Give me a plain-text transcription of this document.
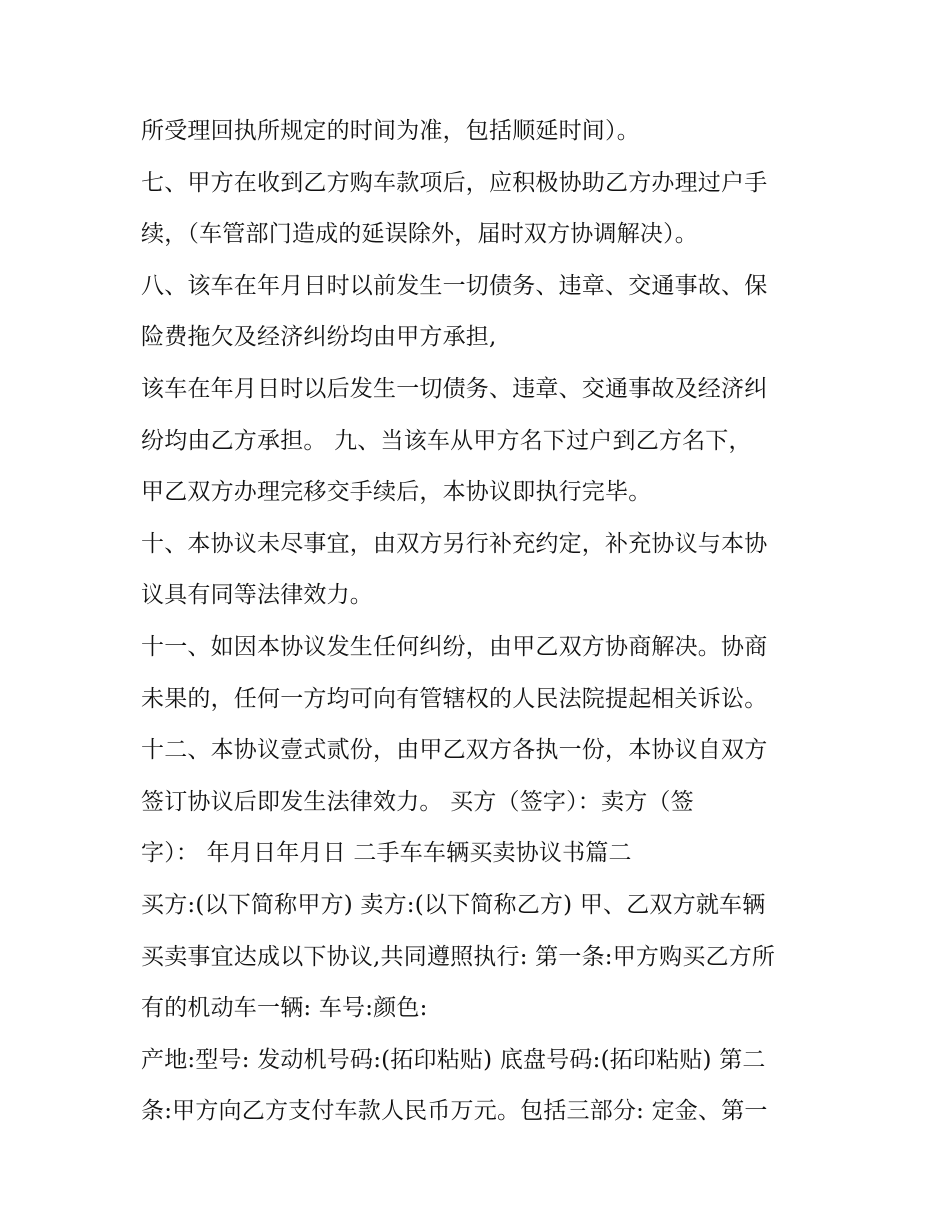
所受理回执所规定的时间为准，包括顺延时间）。
七、甲方在收到乙方购车款项后，应积极协助乙方办理过户手
续，（车管部门造成的延误除外，届时双方协调解决）。
八、该车在年月日时以前发生一切债务、违章、交通事故、保
险费拖欠及经济纠纷均由甲方承担,
该车在年月日时以后发生一切债务、违章、交通事故及经济纠
纷均由乙方承担。 九、当该车从甲方名下过户到乙方名下，
甲乙双方办理完移交手续后，本协议即执行完毕。
十、本协议未尽事宜，由双方另行补充约定，补充协议与本协
议具有同等法律效力。
十一、如因本协议发生任何纠纷，由甲乙双方协商解决。协商
未果的，任何一方均可向有管辖权的人民法院提起相关诉讼。
十二、本协议壹式贰份，由甲乙双方各执一份，本协议自双方
签订协议后即发生法律效力。 买方（签字）：卖方（签
字）： 年月日年月日 二手车车辆买卖协议书篇二
买方:(以下简称甲方) 卖方:(以下简称乙方) 甲、乙双方就车辆
买卖事宜达成以下协议,共同遵照执行: 第一条:甲方购买乙方所
有的机动车一辆: 车号:颜色:
产地:型号: 发动机号码:(拓印粘贴) 底盘号码:(拓印粘贴) 第二
条:甲方向乙方支付车款人民币万元。包括三部分: 定金、第一
